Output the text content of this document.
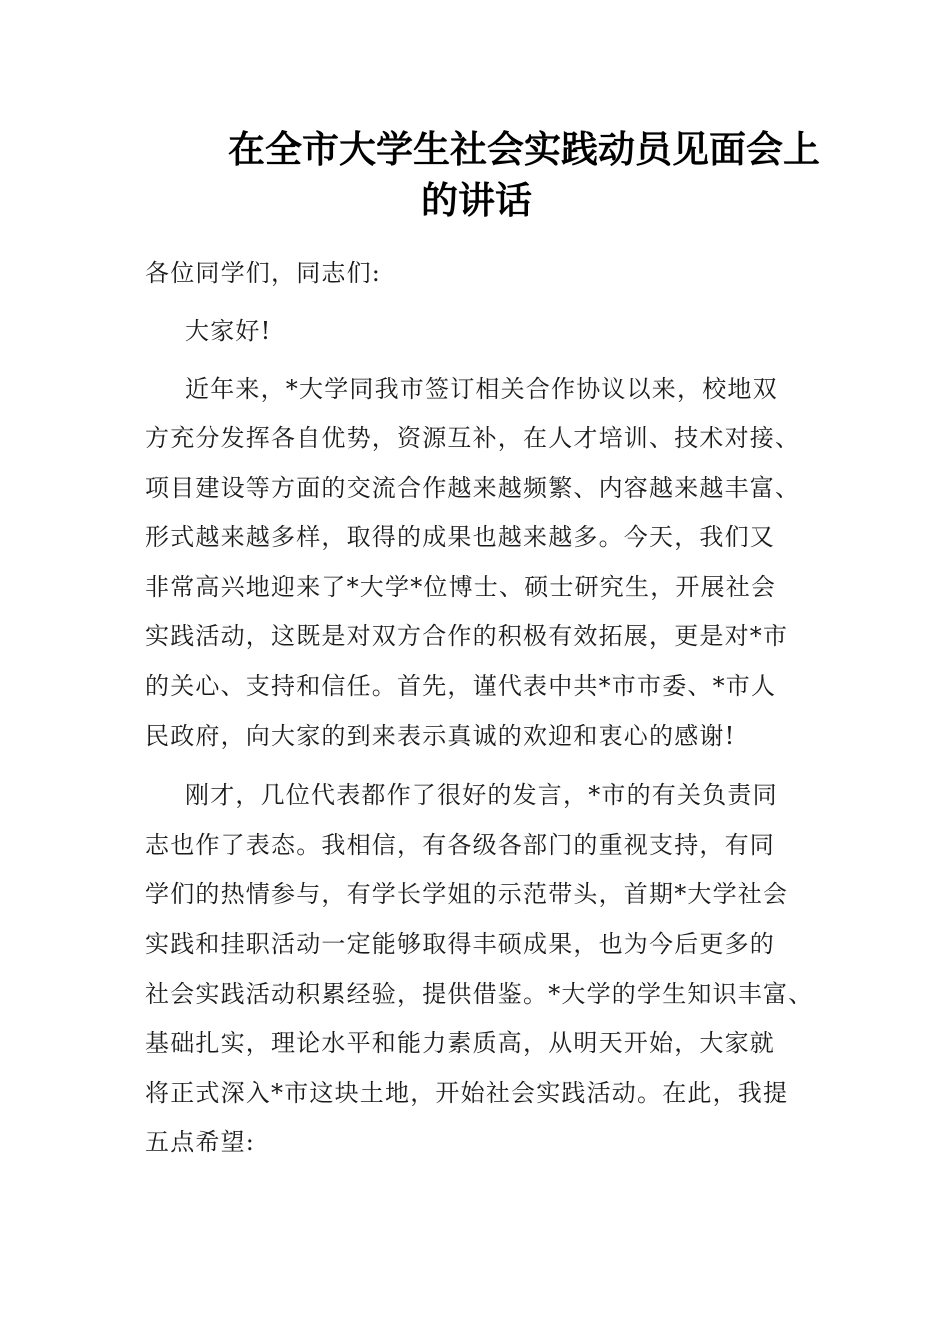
在全市大学生社会实践动员见面会上
的讲话
各位同学们，同志们:
大家好!
近年来，*大学同我市签订相关合作协议以来，校地双
方充分发挥各自优势，资源互补，在人才培训、技术对接、
项目建设等方面的交流合作越来越频繁、内容越来越丰富、
形式越来越多样，取得的成果也越来越多。今天，我们又
非常高兴地迎来了*大学*位博士、硕士研究生，开展社会
实践活动，这既是对双方合作的积极有效拓展，更是对*市
的关心、支持和信任。首先，谨代表中共*市市委、*市人
民政府，向大家的到来表示真诚的欢迎和衷心的感谢!
刚才，几位代表都作了很好的发言，*市的有关负责同
志也作了表态。我相信，有各级各部门的重视支持，有同
学们的热情参与，有学长学姐的示范带头，首期*大学社会
实践和挂职活动一定能够取得丰硕成果，也为今后更多的
社会实践活动积累经验，提供借鉴。*大学的学生知识丰富、
基础扎实，理论水平和能力素质高，从明天开始，大家就
将正式深入*市这块土地，开始社会实践活动。在此，我提
五点希望:
